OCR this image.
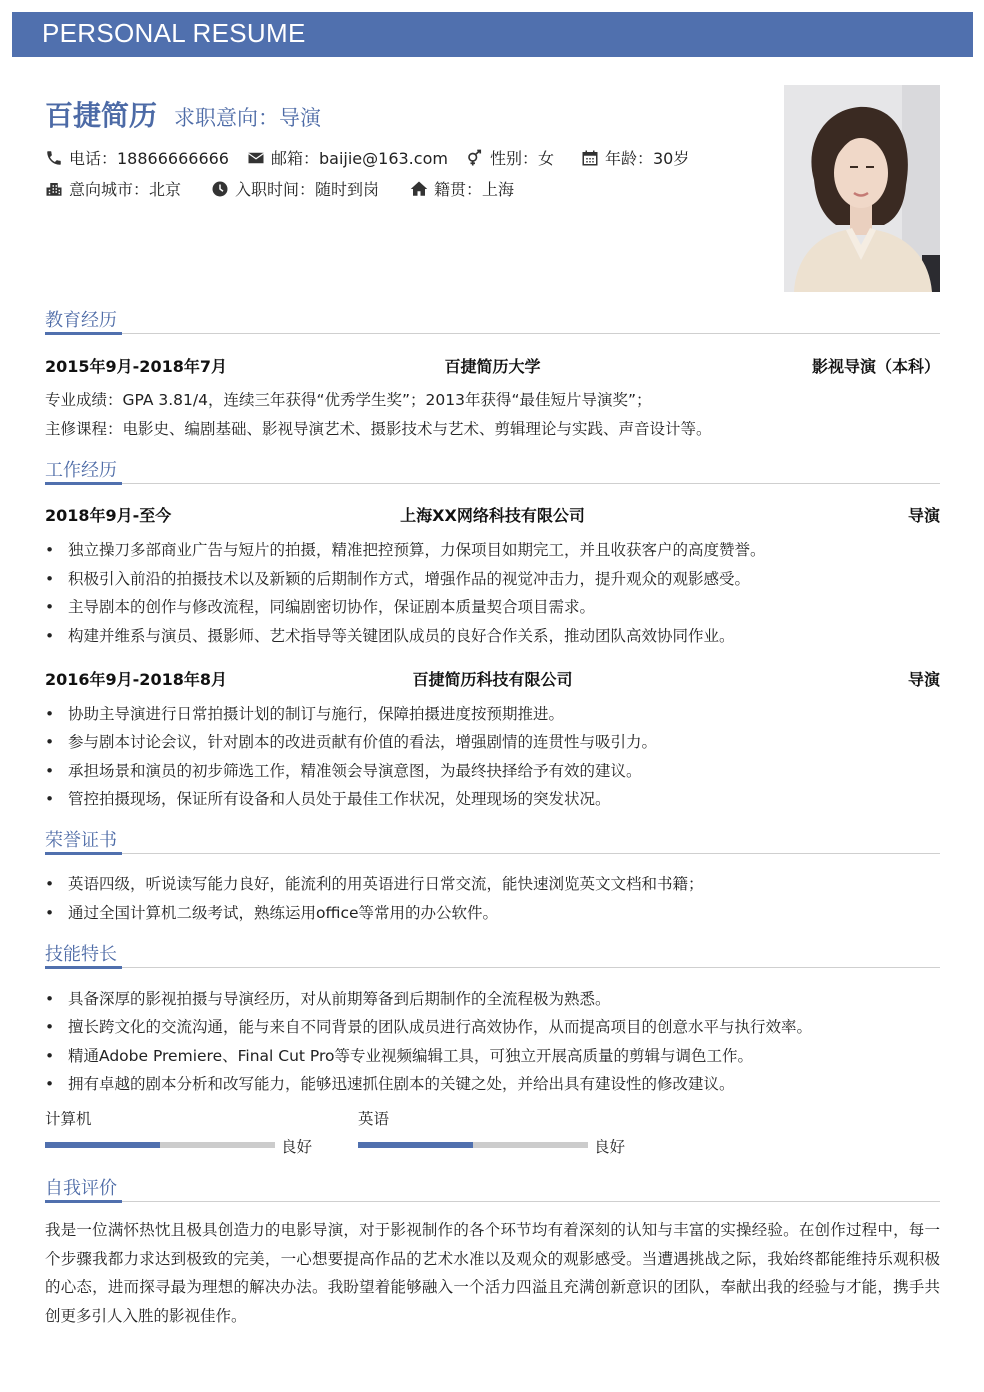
PERSONAL RESUME
百捷简历 求职意向：导演
电话：18866666666	邮箱：baijie@163.com	性别：女	年龄：30岁
意向城市：北京	入职时间：随时到岗	籍贯：上海
教育经历
2015年9月-2018年7月	百捷简历大学	影视导演（本科）
专业成绩：GPA 3.81/4，连续三年获得“优秀学生奖”；2013年获得“最佳短片导演奖”；
主修课程：电影史、编剧基础、影视导演艺术、摄影技术与艺术、剪辑理论与实践、声音设计等。
工作经历
2018年9月-至今	上海XX网络科技有限公司	导演
• 独立操刀多部商业广告与短片的拍摄，精准把控预算，力保项目如期完工，并且收获客户的高度赞誉。
• 积极引入前沿的拍摄技术以及新颖的后期制作方式，增强作品的视觉冲击力，提升观众的观影感受。
• 主导剧本的创作与修改流程，同编剧密切协作，保证剧本质量契合项目需求。
• 构建并维系与演员、摄影师、艺术指导等关键团队成员的良好合作关系，推动团队高效协同作业。
2016年9月-2018年8月	百捷简历科技有限公司	导演
• 协助主导演进行日常拍摄计划的制订与施行，保障拍摄进度按预期推进。
• 参与剧本讨论会议，针对剧本的改进贡献有价值的看法，增强剧情的连贯性与吸引力。
• 承担场景和演员的初步筛选工作，精准领会导演意图，为最终抉择给予有效的建议。
• 管控拍摄现场，保证所有设备和人员处于最佳工作状况，处理现场的突发状况。
荣誉证书
• 英语四级，听说读写能力良好，能流利的用英语进行日常交流，能快速浏览英文文档和书籍；
• 通过全国计算机二级考试，熟练运用office等常用的办公软件。
技能特长
• 具备深厚的影视拍摄与导演经历，对从前期筹备到后期制作的全流程极为熟悉。
• 擅长跨文化的交流沟通，能与来自不同背景的团队成员进行高效协作，从而提高项目的创意水平与执行效率。
• 精通Adobe Premiere、Final Cut Pro等专业视频编辑工具，可独立开展高质量的剪辑与调色工作。
• 拥有卓越的剧本分析和改写能力，能够迅速抓住剧本的关键之处，并给出具有建设性的修改建议。
计算机
良好
英语
良好
自我评价
我是一位满怀热忱且极具创造力的电影导演，对于影视制作的各个环节均有着深刻的认知与丰富的实操经验。在创作过程中，每一个步骤我都力求达到极致的完美，一心想要提高作品的艺术水准以及观众的观影感受。当遭遇挑战之际，我始终都能维持乐观积极的心态，进而探寻最为理想的解决办法。我盼望着能够融入一个活力四溢且充满创新意识的团队，奉献出我的经验与才能，携手共创更多引人入胜的影视佳作。
